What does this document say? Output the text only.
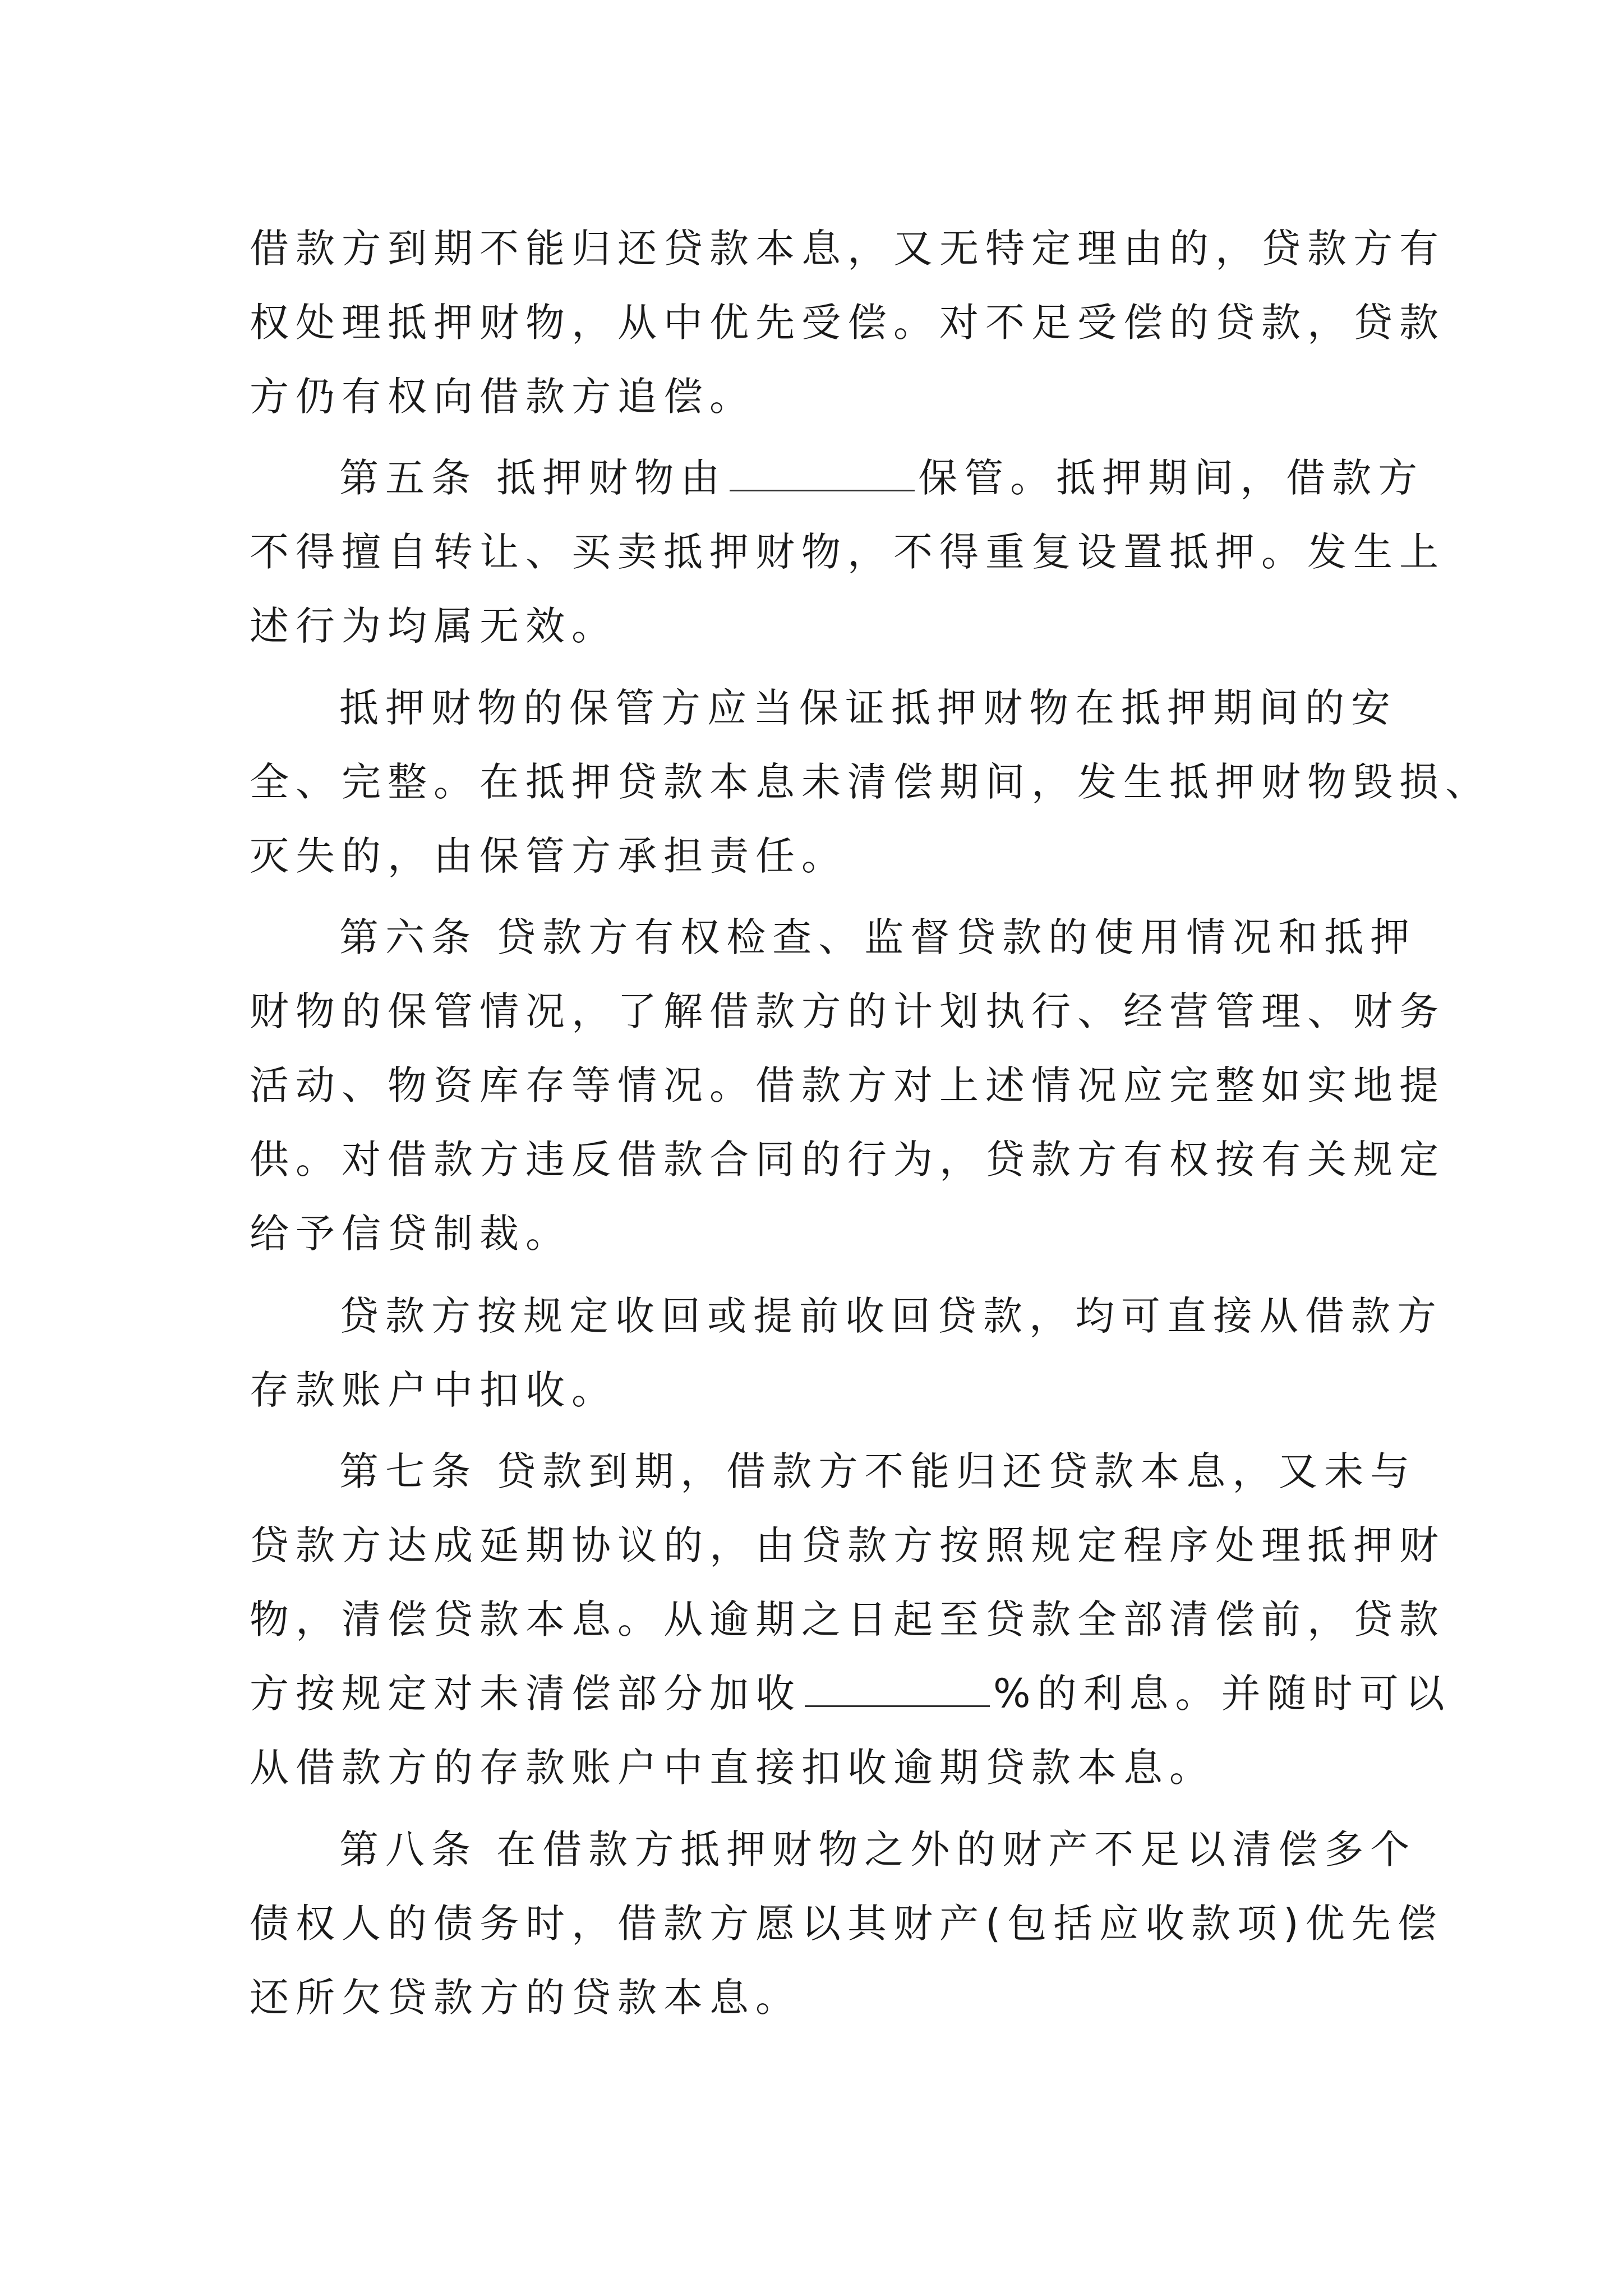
借款方到期不能归还贷款本息，又无特定理由的，贷款方有
权处理抵押财物，从中优先受偿。对不足受偿的贷款，贷款
方仍有权向借款方追偿。
第五条 抵押财物由	保管。抵押期间，借款方
不得擅自转让、买卖抵押财物，不得重复设置抵押。发生上
述行为均属无效。
抵押财物的保管方应当保证抵押财物在抵押期间的安
全、完整。在抵押贷款本息未清偿期间，发生抵押财物毁损、
灭失的，由保管方承担责任。
第六条 贷款方有权检查、监督贷款的使用情况和抵押
财物的保管情况，了解借款方的计划执行、经营管理、财务
活动、物资库存等情况。借款方对上述情况应完整如实地提
供。对借款方违反借款合同的行为，贷款方有权按有关规定
给予信贷制裁。
贷款方按规定收回或提前收回贷款，均可直接从借款方
存款账户中扣收。
第七条 贷款到期，借款方不能归还贷款本息，又未与
贷款方达成延期协议的，由贷款方按照规定程序处理抵押财
物，清偿贷款本息。从逾期之日起至贷款全部清偿前，贷款
方按规定对未清偿部分加收	%的利息。并随时可以
从借款方的存款账户中直接扣收逾期贷款本息。
第八条 在借款方抵押财物之外的财产不足以清偿多个
债权人的债务时，借款方愿以其财产(包括应收款项)优先偿
还所欠贷款方的贷款本息。
